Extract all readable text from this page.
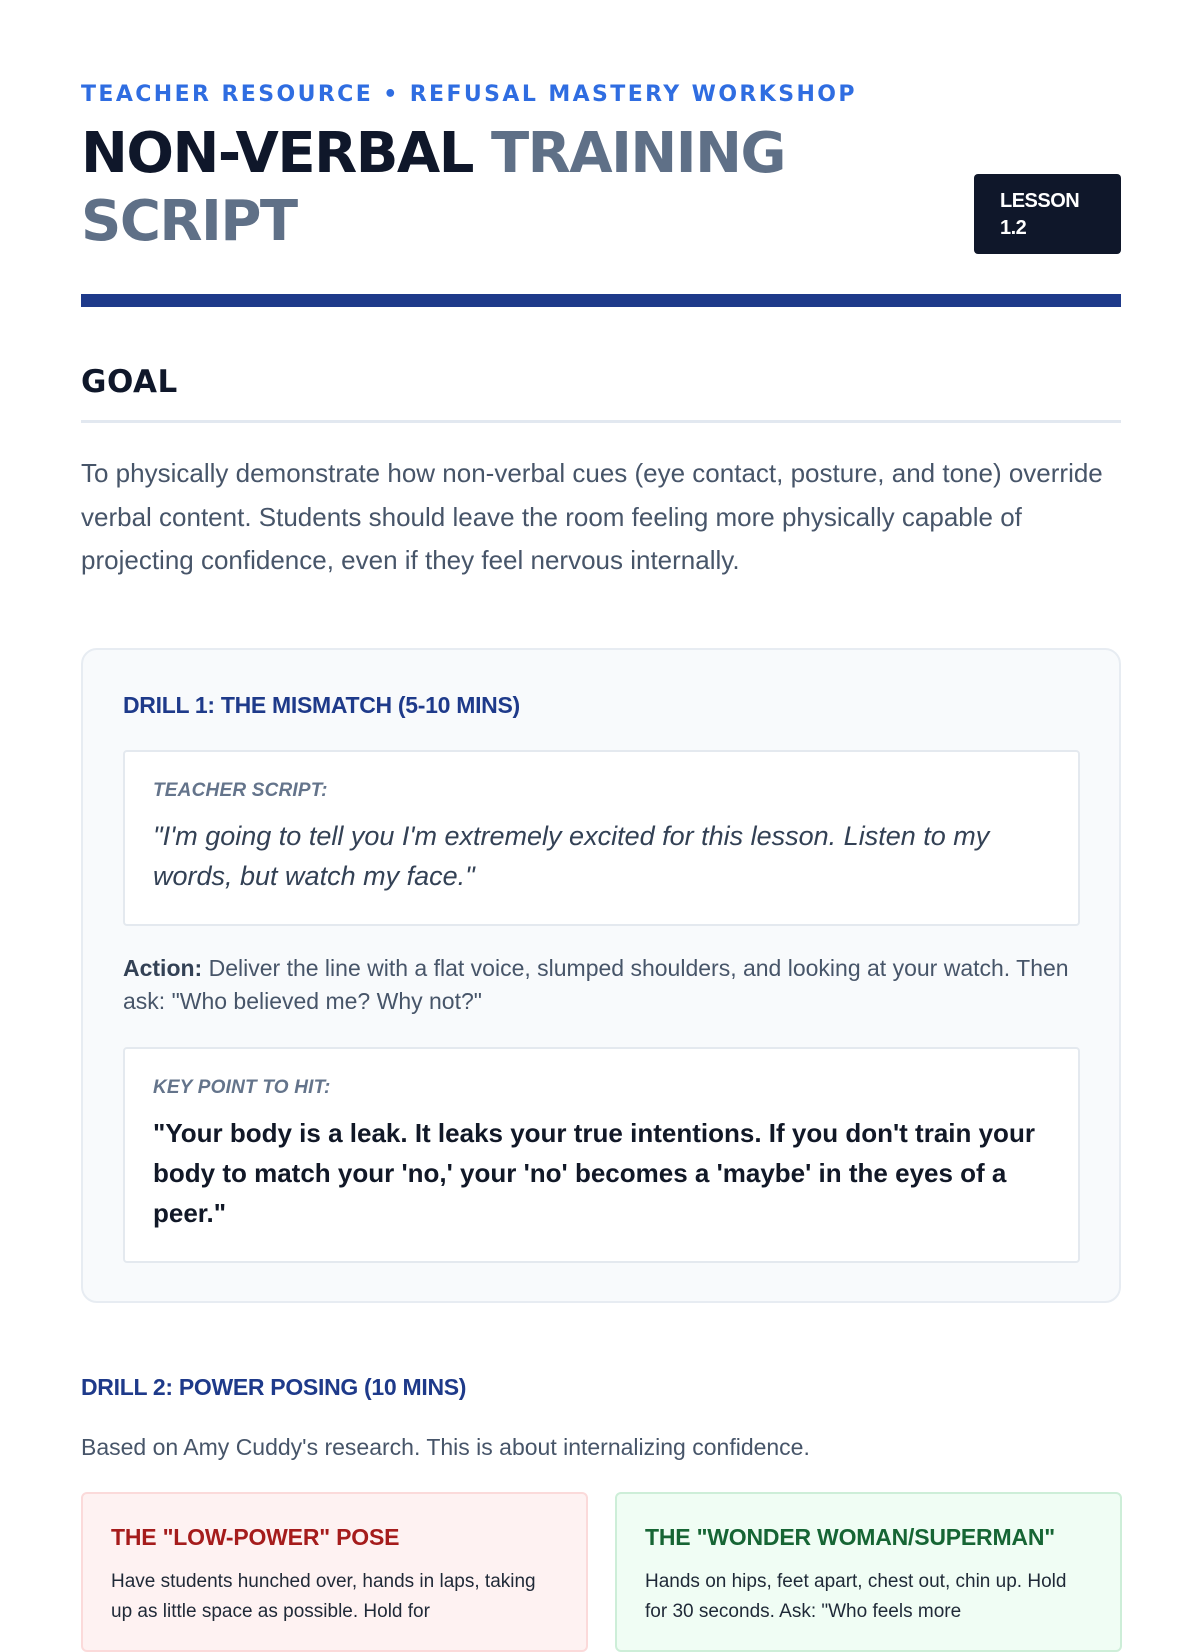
TEACHER RESOURCE • REFUSAL MASTERY WORKSHOP
NON-VERBAL TRAINING SCRIPT	LESSON 1.2
GOAL

To physically demonstrate how non-verbal cues (eye contact, posture, and tone) override verbal content. Students should leave the room feeling more physically capable of projecting confidence, even if they feel nervous internally.

DRILL 1: THE MISMATCH (5-10 MINS)
TEACHER SCRIPT:

"I'm going to tell you I'm extremely excited for this lesson. Listen to my words, but watch my face."

Action: Deliver the line with a flat voice, slumped shoulders, and looking at your watch. Then ask: "Who believed me? Why not?"

KEY POINT TO HIT:

"Your body is a leak. It leaks your true intentions. If you don't train your body to match your 'no,' your 'no' becomes a 'maybe' in the eyes of a peer."

DRILL 2: POWER POSING (10 MINS)

Based on Amy Cuddy's research. This is about internalizing confidence.

THE "LOW-POWER" POSE

Have students hunched over, hands in laps, taking up as little space as possible. Hold for

THE "WONDER WOMAN/SUPERMAN"

Hands on hips, feet apart, chest out, chin up. Hold for 30 seconds. Ask: "Who feels more
